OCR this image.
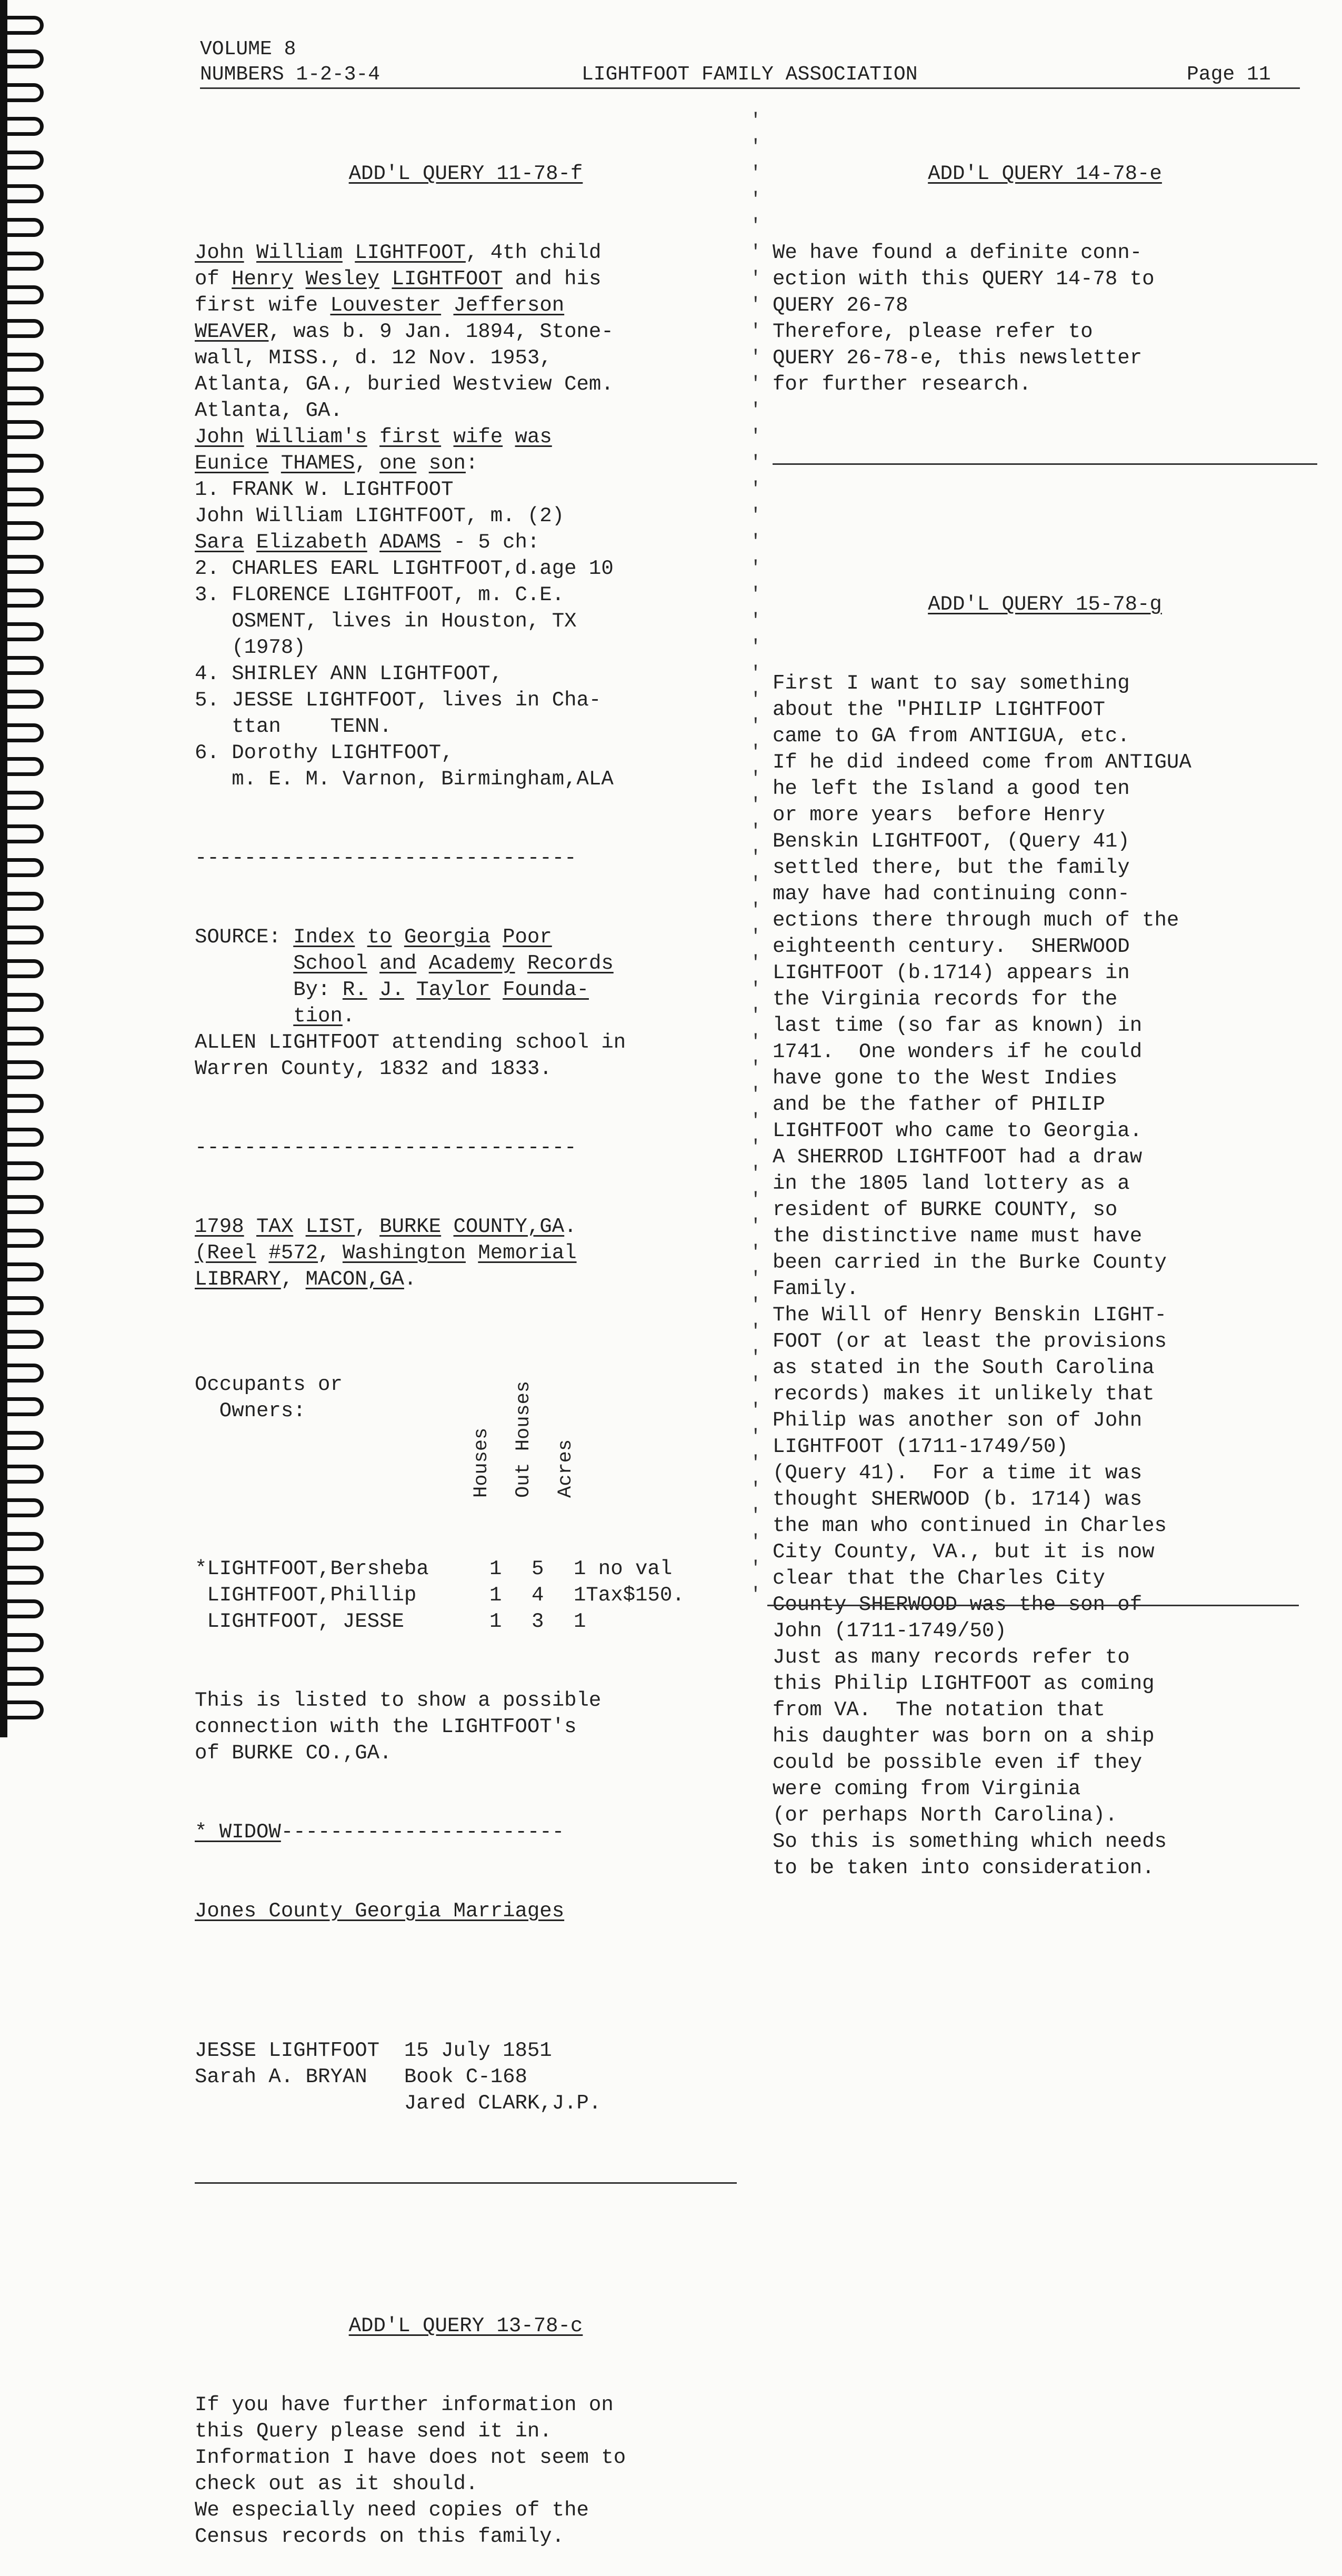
VOLUME 8
NUMBERS 1-2-3-4	LIGHTFOOT FAMILY ASSOCIATION	Page 11
'
'
'
'
'
'
'
'
'
'
'
'
'
'
'
'
'
'
'
'
'
'
'
'
'
'
'
'
'
'
'
'
'
'
'
'
'
'
'
'
'
'
'
'
'
'
'
'
'
'
'
'
'
'
'
'
'

ADD'L QUERY 11-78-f

John William LIGHTFOOT, 4th child
of Henry Wesley LIGHTFOOT and his
first wife Louvester Jefferson
WEAVER, was b. 9 Jan. 1894, Stone-
wall, MISS., d. 12 Nov. 1953,
Atlanta, GA., buried Westview Cem.
Atlanta, GA.
John William's first wife was
Eunice THAMES, one son:
1. FRANK W. LIGHTFOOT
John William LIGHTFOOT, m. (2)
Sara Elizabeth ADAMS - 5 ch:
2. CHARLES EARL LIGHTFOOT,d.age 10
3. FLORENCE LIGHTFOOT, m. C.E.
OSMENT, lives in Houston, TX
(1978)
4. SHIRLEY ANN LIGHTFOOT,
5. JESSE LIGHTFOOT, lives in Cha-
ttan    TENN.
6. Dorothy LIGHTFOOT,
m. E. M. Varnon, Birmingham,ALA

-------------------------------

SOURCE: Index to Georgia Poor
School and Academy Records
By: R. J. Taylor Founda-
tion.
ALLEN LIGHTFOOT attending school in
Warren County, 1832 and 1833.

-------------------------------

1798 TAX LIST, BURKE COUNTY,GA.
(Reel #572, Washington Memorial
LIBRARY, MACON,GA.

Occupants or
Owners:

Houses

Out Houses

Acres

*LIGHTFOOT,Bersheba	1 5 1 no val
LIGHTFOOT,Phillip	1 4 1Tax$150.
LIGHTFOOT, JESSE	1 3 1

This is listed to show a possible
connection with the LIGHTFOOT's
of BURKE CO.,GA.

* WIDOW-----------------------

Jones County Georgia Marriages

JESSE LIGHTFOOT  15 July 1851
Sarah A. BRYAN   Book C-168
Jared CLARK,J.P.

ADD'L QUERY 13-78-c

If you have further information on
this Query please send it in.
Information I have does not seem to
check out as it should.
We especially need copies of the
Census records on this family.

ADD'L QUERY 14-78-e

We have found a definite conn-
ection with this QUERY 14-78 to
QUERY 26-78
Therefore, please refer to
QUERY 26-78-e, this newsletter
for further research.

ADD'L QUERY 15-78-g

First I want to say something
about the "PHILIP LIGHTFOOT
came to GA from ANTIGUA, etc.
If he did indeed come from ANTIGUA
he left the Island a good ten
or more years  before Henry
Benskin LIGHTFOOT, (Query 41)
settled there, but the family
may have had continuing conn-
ections there through much of the
eighteenth century.  SHERWOOD
LIGHTFOOT (b.1714) appears in
the Virginia records for the
last time (so far as known) in
1741.  One wonders if he could
have gone to the West Indies
and be the father of PHILIP
LIGHTFOOT who came to Georgia.
A SHERROD LIGHTFOOT had a draw
in the 1805 land lottery as a
resident of BURKE COUNTY, so
the distinctive name must have
been carried in the Burke County
Family.
The Will of Henry Benskin LIGHT-
FOOT (or at least the provisions
as stated in the South Carolina
records) makes it unlikely that
Philip was another son of John
LIGHTFOOT (1711-1749/50)
(Query 41).  For a time it was
thought SHERWOOD (b. 1714) was
the man who continued in Charles
City County, VA., but it is now
clear that the Charles City
County SHERWOOD was the son of
John (1711-1749/50)
Just as many records refer to
this Philip LIGHTFOOT as coming
from VA.  The notation that
his daughter was born on a ship
could be possible even if they
were coming from Virginia
(or perhaps North Carolina).
So this is something which needs
to be taken into consideration.
